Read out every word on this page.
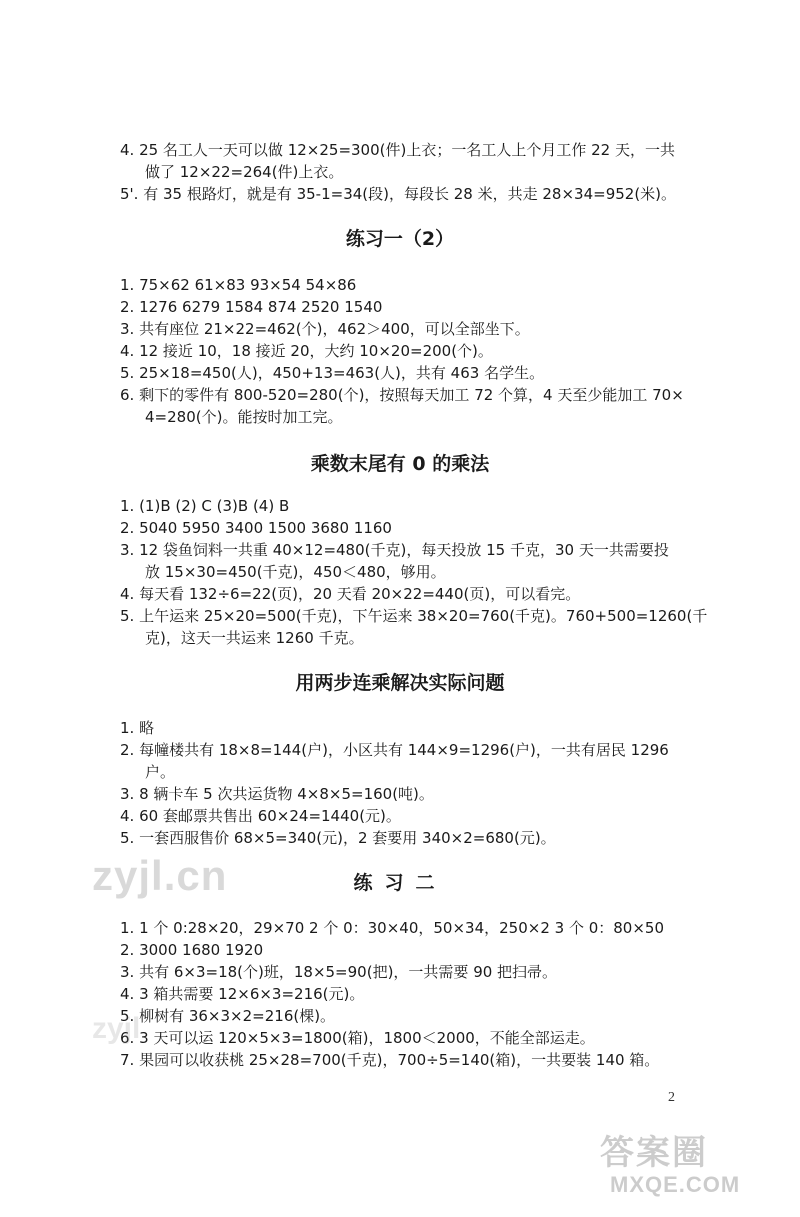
4. 25 名工人一天可以做 12×25=300(件)上衣；一名工人上个月工作 22 天，一共
做了 12×22=264(件)上衣。
5'. 有 35 根路灯，就是有 35-1=34(段)，每段长 28 米，共走 28×34=952(米)。
练习一（2）
1. 75×62 61×83 93×54 54×86
2. 1276 6279 1584 874 2520 1540
3. 共有座位 21×22=462(个)，462＞400，可以全部坐下。
4. 12 接近 10，18 接近 20，大约 10×20=200(个)。
5. 25×18=450(人)，450+13=463(人)，共有 463 名学生。
6. 剩下的零件有 800-520=280(个)，按照每天加工 72 个算，4 天至少能加工 70×
4=280(个)。能按时加工完。
乘数末尾有 0 的乘法
1. (1)B (2) C (3)B (4) B
2. 5040 5950 3400 1500 3680 1160
3. 12 袋鱼饲料一共重 40×12=480(千克)，每天投放 15 千克，30 天一共需要投
放 15×30=450(千克)，450＜480，够用。
4. 每天看 132÷6=22(页)，20 天看 20×22=440(页)，可以看完。
5. 上午运来 25×20=500(千克)，下午运来 38×20=760(千克)。760+500=1260(千
克)，这天一共运来 1260 千克。
用两步连乘解决实际问题
1. 略
2. 每幢楼共有 18×8=144(户)，小区共有 144×9=1296(户)，一共有居民 1296
户。
3. 8 辆卡车 5 次共运货物 4×8×5=160(吨)。
4. 60 套邮票共售出 60×24=1440(元)。
5. 一套西服售价 68×5=340(元)，2 套要用 340×2=680(元)。
练习二
1. 1 个 0:28×20，29×70 2 个 0：30×40，50×34，250×2 3 个 0：80×50
2. 3000 1680 1920
3. 共有 6×3=18(个)班，18×5=90(把)，一共需要 90 把扫帚。
4. 3 箱共需要 12×6×3=216(元)。
5. 柳树有 36×3×2=216(棵)。
6. 3 天可以运 120×5×3=1800(箱)，1800＜2000，不能全部运走。
7. 果园可以收获桃 25×28=700(千克)，700÷5=140(箱)，一共要装 140 箱。
2
zyjl.cn
zyjl
答案圈
MXQE.COM
